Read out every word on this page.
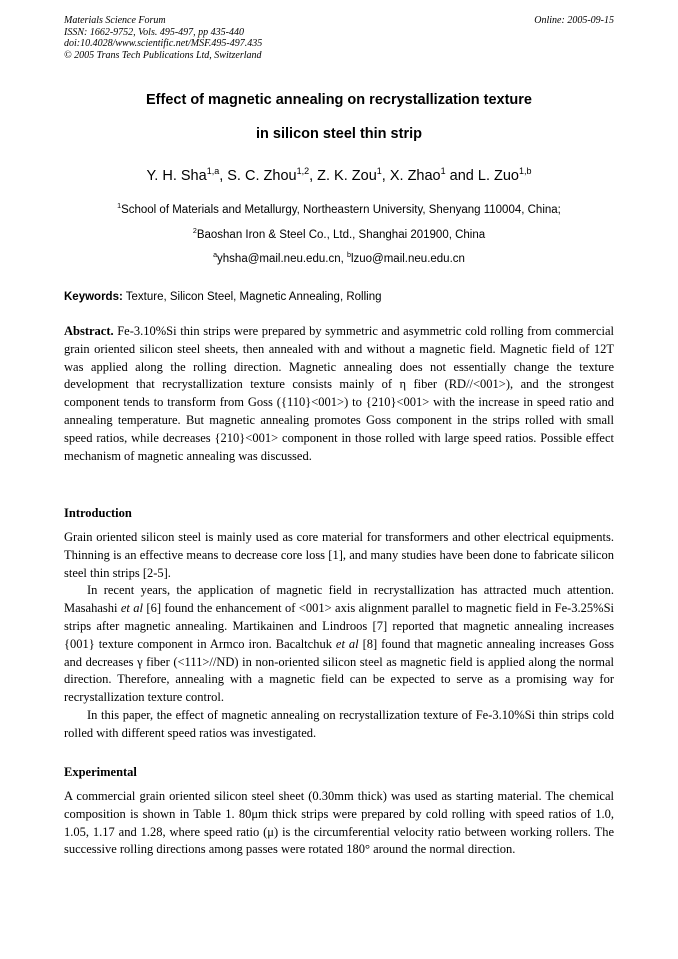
Materials Science Forum
ISSN: 1662-9752, Vols. 495-497, pp 435-440
doi:10.4028/www.scientific.net/MSF.495-497.435
© 2005 Trans Tech Publications Ltd, Switzerland
Online: 2005-09-15
Effect of magnetic annealing on recrystallization texture
in silicon steel thin strip
Y. H. Sha$^{1,a}$, S. C. Zhou$^{1,2}$, Z. K. Zou$^1$, X. Zhao$^1$ and L. Zuo$^{1,b}$
$^1$School of Materials and Metallurgy, Northeastern University, Shenyang 110004, China;
$^2$Baoshan Iron & Steel Co., Ltd., Shanghai 201900, China
$^a$yhsha@mail.neu.edu.cn, $^b$lzuo@mail.neu.edu.cn
Keywords: Texture, Silicon Steel, Magnetic Annealing, Rolling
Abstract. Fe-3.10%Si thin strips were prepared by symmetric and asymmetric cold rolling from commercial grain oriented silicon steel sheets, then annealed with and without a magnetic field. Magnetic field of 12T was applied along the rolling direction. Magnetic annealing does not essentially change the texture development that recrystallization texture consists mainly of η fiber (RD//<001>), and the strongest component tends to transform from Goss ({110}<001>) to {210}<001> with the increase in speed ratio and annealing temperature. But magnetic annealing promotes Goss component in the strips rolled with small speed ratios, while decreases {210}<001> component in those rolled with large speed ratios. Possible effect mechanism of magnetic annealing was discussed.
Introduction

Grain oriented silicon steel is mainly used as core material for transformers and other electrical equipments. Thinning is an effective means to decrease core loss [1], and many studies have been done to fabricate silicon steel thin strips [2-5].

In recent years, the application of magnetic field in recrystallization has attracted much attention. Masahashi et al [6] found the enhancement of <001> axis alignment parallel to magnetic field in Fe-3.25%Si strips after magnetic annealing. Martikainen and Lindroos [7] reported that magnetic annealing increases {001} texture component in Armco iron. Bacaltchuk et al [8] found that magnetic annealing increases Goss and decreases γ fiber (<111>//ND) in non-oriented silicon steel as magnetic field is applied along the normal direction. Therefore, annealing with a magnetic field can be expected to serve as a promising way for recrystallization texture control.

In this paper, the effect of magnetic annealing on recrystallization texture of Fe-3.10%Si thin strips cold rolled with different speed ratios was investigated.

Experimental

A commercial grain oriented silicon steel sheet (0.30mm thick) was used as starting material. The chemical composition is shown in Table 1. 80μm thick strips were prepared by cold rolling with speed ratios of 1.0, 1.05, 1.17 and 1.28, where speed ratio (μ) is the circumferential velocity ratio between working rollers. The successive rolling directions among passes were rotated 180° around the normal direction.
